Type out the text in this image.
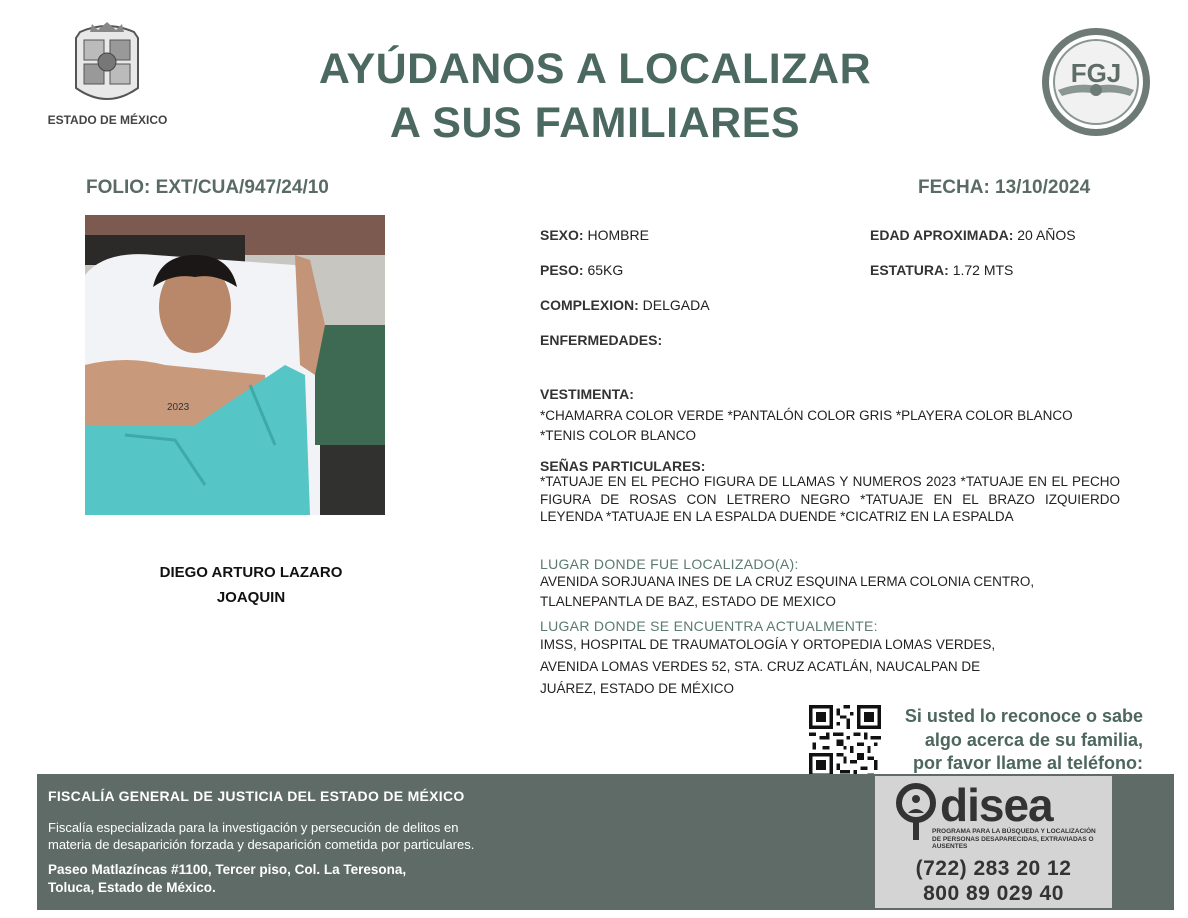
ESTADO DE MÉXICO
AYÚDANOS A LOCALIZAR
A SUS FAMILIARES
FGJ
FOLIO: EXT/CUA/947/24/10	FECHA: 13/10/2024
2023
DIEGO ARTURO LAZARO
JOAQUIN
SEXO: HOMBRE	EDAD APROXIMADA: 20 AÑOS
PESO: 65KG	ESTATURA: 1.72 MTS
COMPLEXION: DELGADA
ENFERMEDADES:
VESTIMENTA:
*CHAMARRA COLOR VERDE *PANTALÓN COLOR GRIS *PLAYERA COLOR BLANCO
*TENIS COLOR BLANCO
SEÑAS PARTICULARES:
*TATUAJE EN EL PECHO FIGURA DE LLAMAS Y NUMEROS 2023 *TATUAJE EN EL PECHO FIGURA DE ROSAS CON LETRERO NEGRO *TATUAJE EN EL BRAZO IZQUIERDO LEYENDA *TATUAJE EN LA ESPALDA DUENDE *CICATRIZ EN LA ESPALDA
LUGAR DONDE FUE LOCALIZADO(A):
AVENIDA SORJUANA INES DE LA CRUZ ESQUINA LERMA COLONIA CENTRO,
TLALNEPANTLA DE BAZ, ESTADO DE MEXICO
LUGAR DONDE SE ENCUENTRA ACTUALMENTE:
IMSS, HOSPITAL DE TRAUMATOLOGÍA Y ORTOPEDIA LOMAS VERDES,
AVENIDA LOMAS VERDES 52, STA. CRUZ ACATLÁN, NAUCALPAN DE
JUÁREZ, ESTADO DE MÉXICO
Si usted lo reconoce o sabe
algo acerca de su familia,
por favor llame al teléfono:
FISCALÍA GENERAL DE JUSTICIA DEL ESTADO DE MÉXICO
Fiscalía especializada para la investigación y persecución de delitos en
materia de desaparición forzada y desaparición cometida por particulares.
Paseo Matlazíncas #1100, Tercer piso, Col. La Teresona,
Toluca, Estado de México.
disea
PROGRAMA PARA LA BÚSQUEDA Y LOCALIZACIÓN DE PERSONAS DESAPARECIDAS, EXTRAVIADAS O AUSENTES
(722) 283 20 12
800 89 029 40
